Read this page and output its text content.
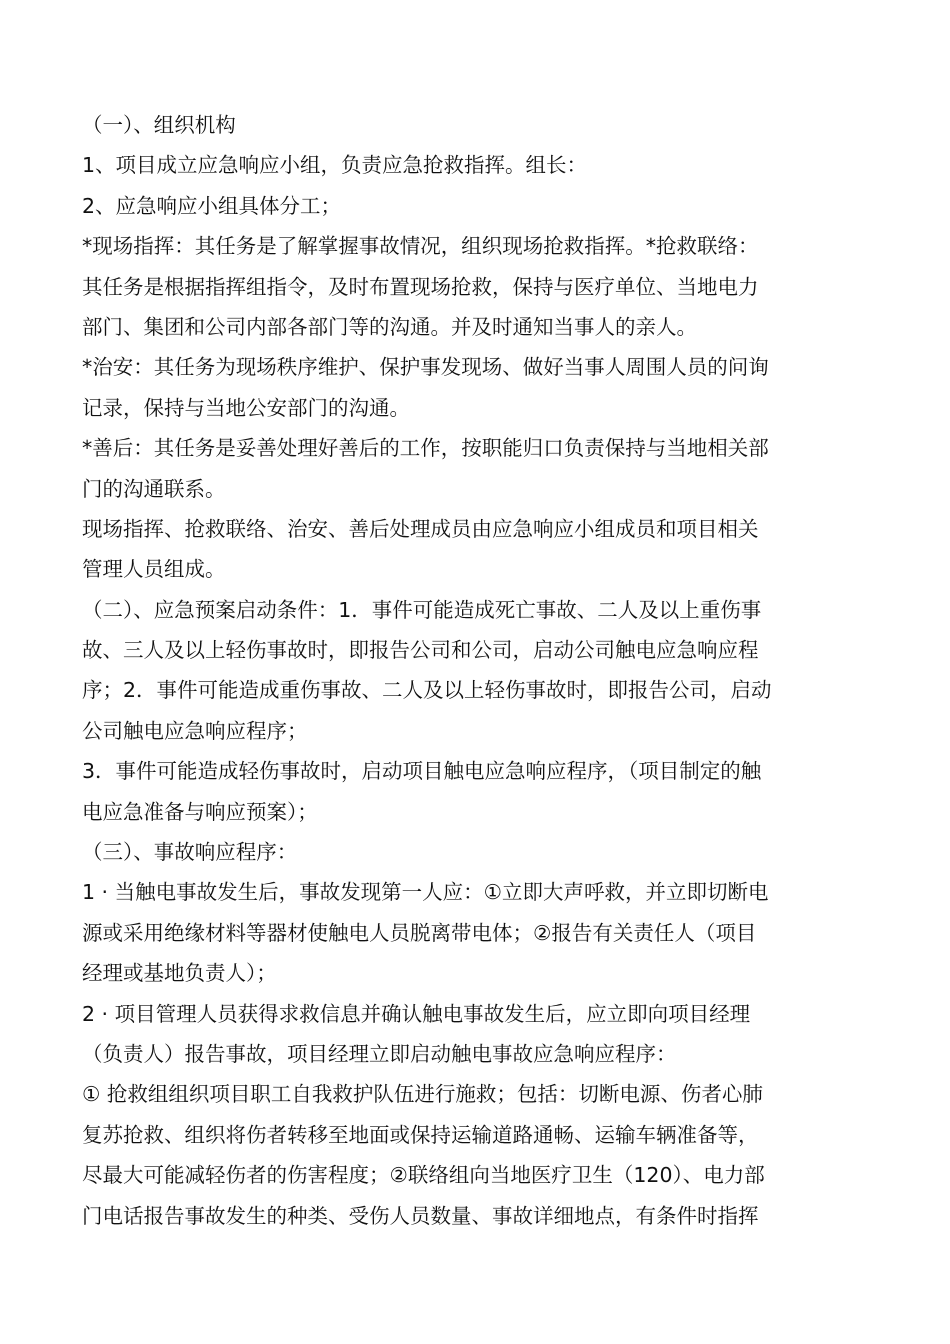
（一）、组织机构
1、项目成立应急响应小组，负责应急抢救指挥。组长：
2、应急响应小组具体分工；
*现场指挥：其任务是了解掌握事故情况，组织现场抢救指挥。*抢救联络：
其任务是根据指挥组指令，及时布置现场抢救，保持与医疗单位、当地电力
部门、集团和公司内部各部门等的沟通。并及时通知当事人的亲人。
*治安：其任务为现场秩序维护、保护事发现场、做好当事人周围人员的问询
记录，保持与当地公安部门的沟通。
*善后：其任务是妥善处理好善后的工作，按职能归口负责保持与当地相关部
门的沟通联系。
现场指挥、抢救联络、治安、善后处理成员由应急响应小组成员和项目相关
管理人员组成。
（二）、应急预案启动条件：1．事件可能造成死亡事故、二人及以上重伤事
故、三人及以上轻伤事故时，即报告公司和公司，启动公司触电应急响应程
序；2．事件可能造成重伤事故、二人及以上轻伤事故时，即报告公司，启动
公司触电应急响应程序；
3．事件可能造成轻伤事故时，启动项目触电应急响应程序，（项目制定的触
电应急准备与响应预案）；
（三）、事故响应程序：
1 · 当触电事故发生后，事故发现第一人应：①立即大声呼救，并立即切断电
源或采用绝缘材料等器材使触电人员脱离带电体；②报告有关责任人（项目
经理或基地负责人）；
2 · 项目管理人员获得求救信息并确认触电事故发生后，应立即向项目经理
（负责人）报告事故，项目经理立即启动触电事故应急响应程序：
① 抢救组组织项目职工自我救护队伍进行施救；包括：切断电源、伤者心肺
复苏抢救、组织将伤者转移至地面或保持运输道路通畅、运输车辆准备等，
尽最大可能减轻伤者的伤害程度；②联络组向当地医疗卫生（120）、电力部
门电话报告事故发生的种类、受伤人员数量、事故详细地点，有条件时指挥
